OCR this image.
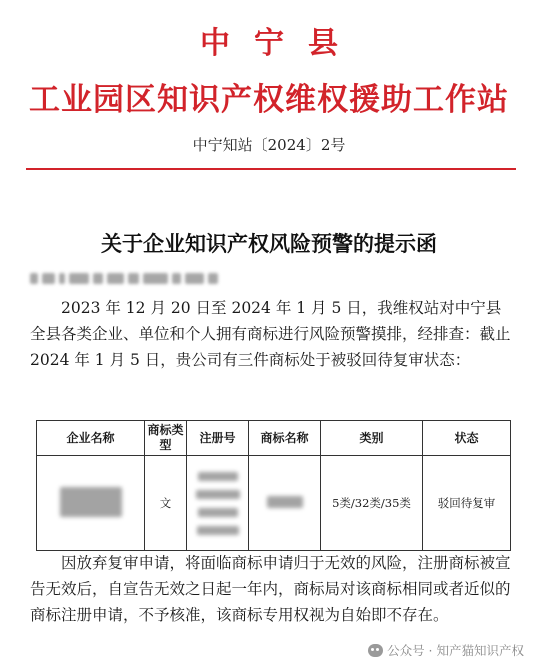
中宁县
工业园区知识产权维权援助工作站
中宁知站〔2024〕2号
关于企业知识产权风险预警的提示函
2023 年 12 月 20 日至 2024 年 1 月 5 日，我维权站对中宁县全县各类企业、单位和个人拥有商标进行风险预警摸排，经排查：截止 2024 年 1 月 5 日，贵公司有三件商标处于被驳回待复审状态：
企业名称	商标类型	注册号	商标名称	类别	状态
	文			5类/32类/35类	驳回待复审
因放弃复审申请，将面临商标申请归于无效的风险，注册商标被宣告无效后，自宣告无效之日起一年内，商标局对该商标相同或者近似的商标注册申请，不予核准，该商标专用权视为自始即不存在。
公众号 · 知产猫知识产权
